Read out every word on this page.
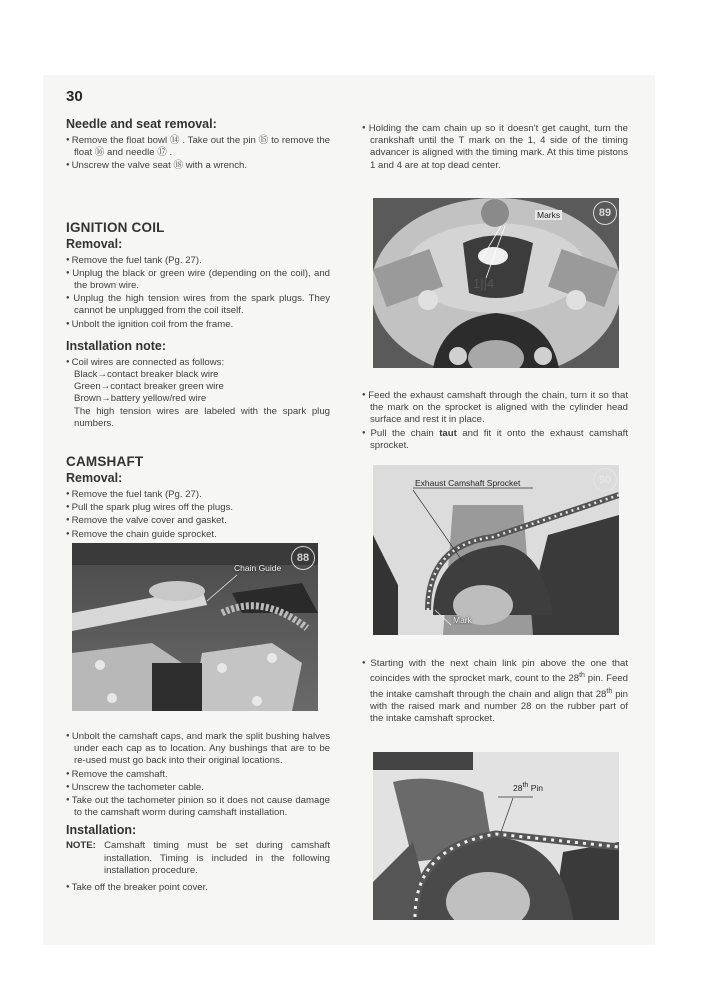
30
Needle and seat removal:

● Remove the float bowl ⑭ . Take out the pin ⑮ to remove the float ⑯ and needle ⑰ .

● Unscrew the valve seat ⑱ with a wrench.

IGNITION COIL
Removal:

● Remove the fuel tank (Pg. 27).

● Unplug the black or green wire (depending on the coil), and the brown wire.

● Unplug the high tension wires from the spark plugs. They cannot be unplugged from the coil itself.

● Unbolt the ignition coil from the frame.

Installation note:

● Coil wires are connected as follows:

Black→contact breaker black wire

Green→contact breaker green wire

Brown→battery yellow/red wire

The high tension wires are labeled with the spark plug numbers.

CAMSHAFT
Removal:

● Remove the fuel tank (Pg. 27).

● Pull the spark plug wires off the plugs.

● Remove the valve cover and gasket.

● Remove the chain guide sprocket.

Chain Guide
88

● Unbolt the camshaft caps, and mark the split bushing halves under each cap as to location. Any bushings that are to be re-used must go back into their original locations.

● Remove the camshaft.

● Unscrew the tachometer cable.

● Take out the tachometer pinion so it does not cause damage to the camshaft worm during camshaft installation.

Installation:

NOTE: Camshaft timing must be set during camshaft installation. Timing is included in the following installation procedure.

● Take off the breaker point cover.

● Holding the cam chain up so it doesn't get caught, turn the crankshaft until the T mark on the 1, 4 side of the timing advancer is aligned with the timing mark. At this time pistons 1 and 4 are at top dead center.

1||4
Marks	89

● Feed the exhaust camshaft through the chain, turn it so that the mark on the sprocket is aligned with the cylinder head surface and rest it in place.

● Pull the chain taut and fit it onto the exhaust camshaft sprocket.

Exhaust Camshaft Sprocket
Mark
90

● Starting with the next chain link pin above the one that coincides with the sprocket mark, count to the 28th pin. Feed the intake camshaft through the chain and align that 28th pin with the raised mark and number 28 on the rubber part of the intake camshaft sprocket.

28th Pin
